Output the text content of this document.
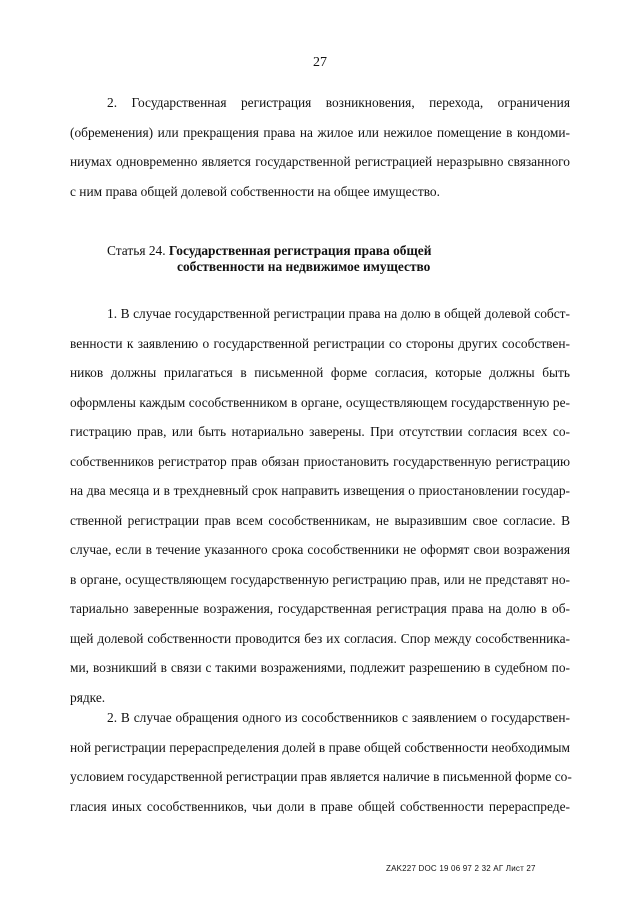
27
2. Государственная регистрация возникновения, перехода, ограничения
(обременения) или прекращения права на жилое или нежилое помещение в кондоми-
ниумах одновременно является государственной регистрацией неразрывно связанного
с ним права общей долевой собственности на общее имущество.
Статья 24. Государственная регистрация права общей
собственности на недвижимое имущество
1. В случае государственной регистрации права на долю в общей долевой собст-
венности к заявлению о государственной регистрации со стороны других сособствен-
ников должны прилагаться в письменной форме согласия, которые должны быть
оформлены каждым сособственником в органе, осуществляющем государственную ре-
гистрацию прав, или быть нотариально заверены. При отсутствии согласия всех со-
собственников регистратор прав обязан приостановить государственную регистрацию
на два месяца и в трехдневный срок направить извещения о приостановлении государ-
ственной регистрации прав всем сособственникам, не выразившим свое согласие. В
случае, если в течение указанного срока сособственники не оформят свои возражения
в органе, осуществляющем государственную регистрацию прав, или не представят но-
тариально заверенные возражения, государственная регистрация права на долю в об-
щей долевой собственности проводится без их согласия. Спор между сособственника-
ми, возникший в связи с такими возражениями, подлежит разрешению в судебном по-
рядке.
2. В случае обращения одного из сособственников с заявлением о государствен-
ной регистрации перераспределения долей в праве общей собственности необходимым
условием государственной регистрации прав является наличие в письменной форме со-
гласия иных сособственников, чьи доли в праве общей собственности перераспреде-
ZAK227 DOC 19 06 97 2 32 АГ Лист 27
